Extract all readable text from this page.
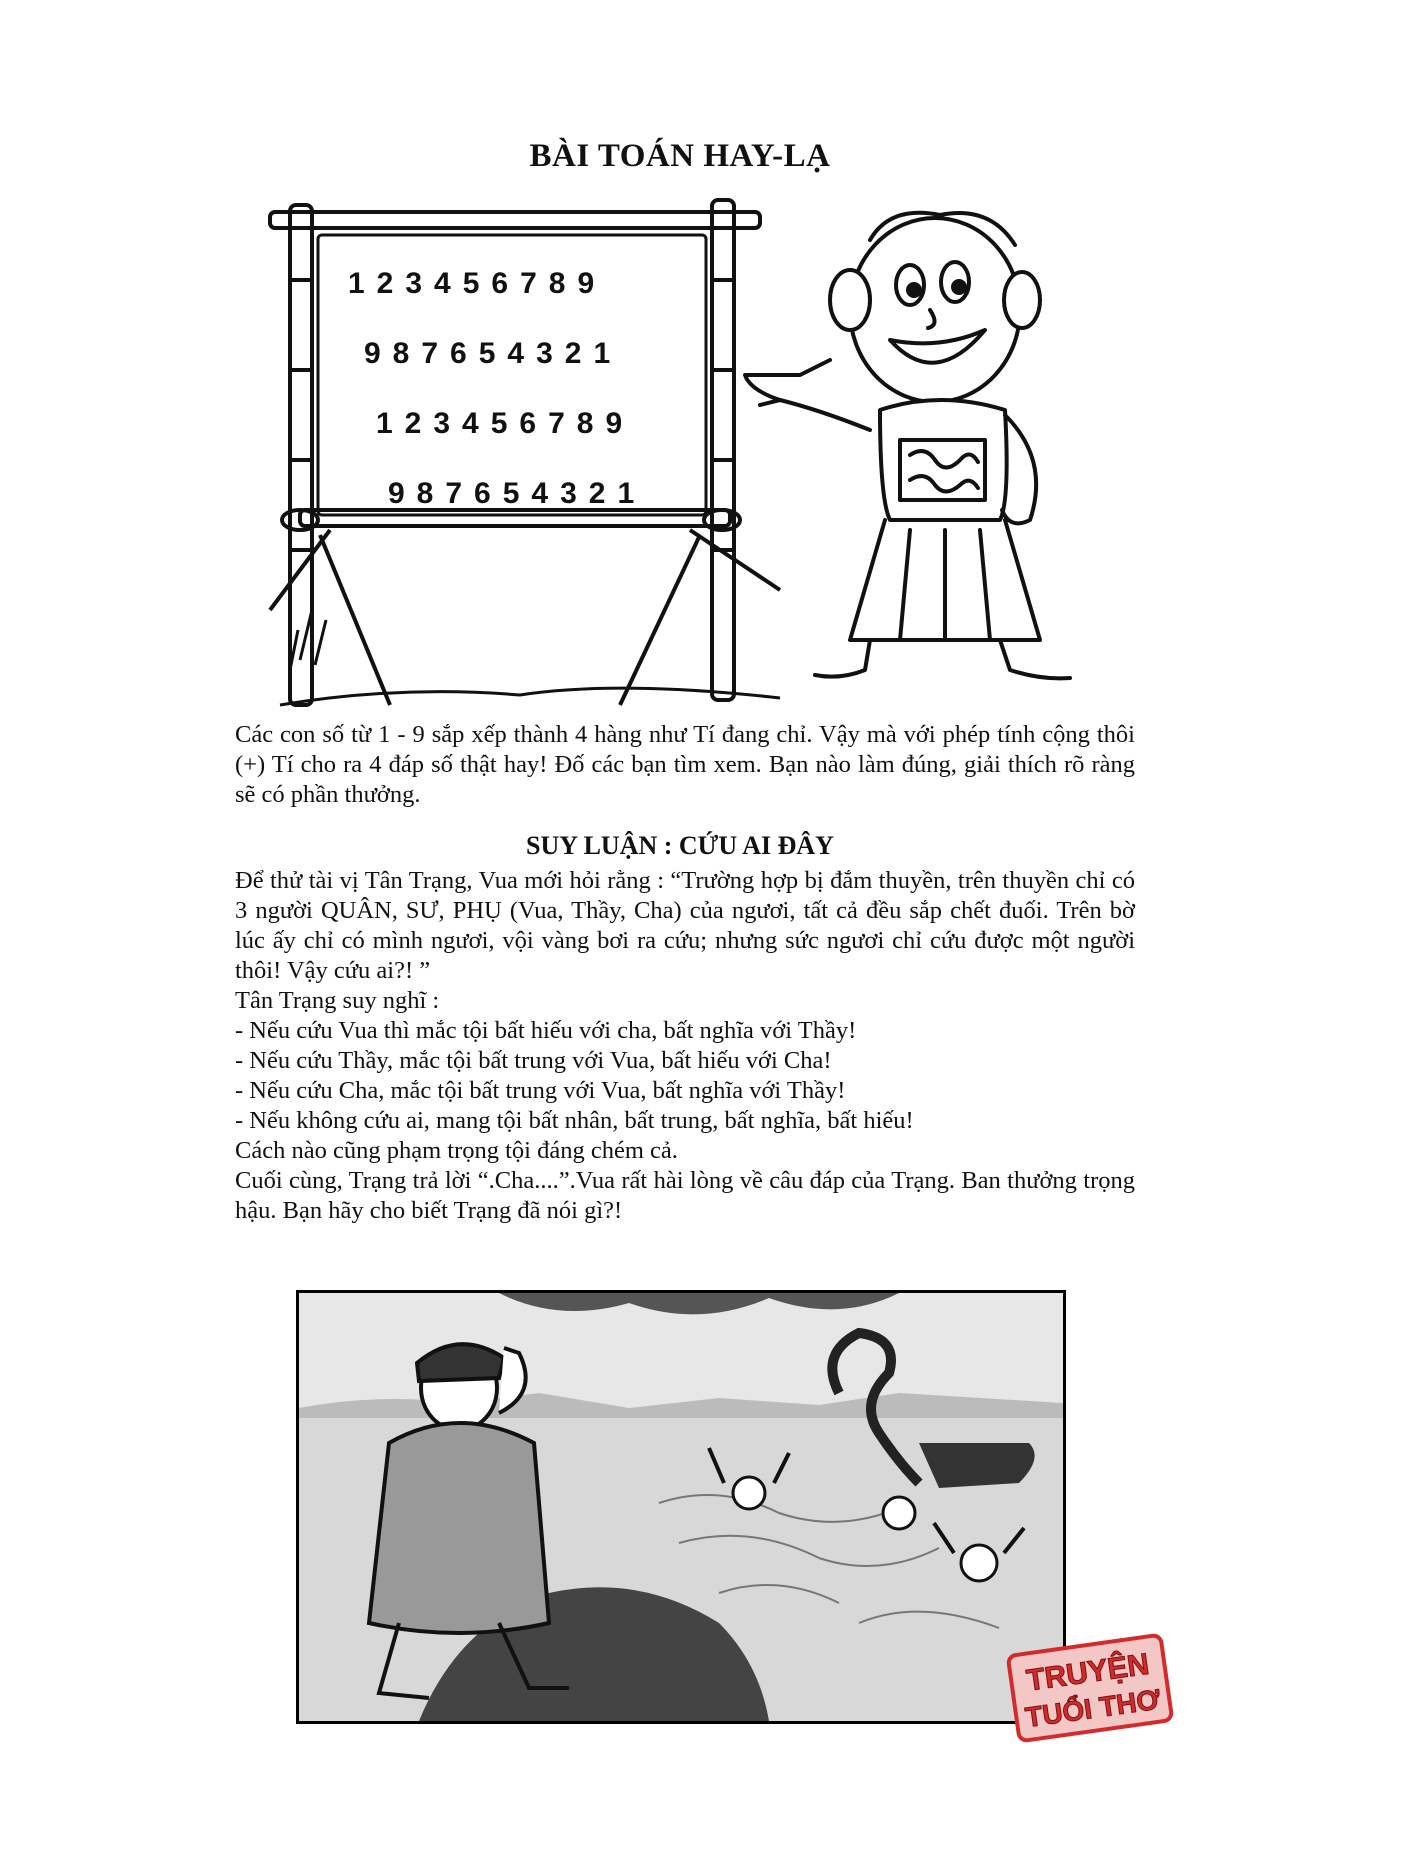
BÀI TOÁN HAY-LẠ
123456789
987654321
123456789
987654321
Các con số từ 1 - 9 sắp xếp thành 4 hàng như Tí đang chỉ. Vậy mà với phép tính cộng thôi (+) Tí cho ra 4 đáp số thật hay! Đố các bạn tìm xem. Bạn nào làm đúng, giải thích rõ ràng sẽ có phần thưởng.
SUY LUẬN : CỨU AI ĐÂY

Để thử tài vị Tân Trạng, Vua mới hỏi rằng : “Trường hợp bị đắm thuyền, trên thuyền chỉ có 3 người QUÂN, SƯ, PHỤ (Vua, Thầy, Cha) của ngươi, tất cả đều sắp chết đuối. Trên bờ lúc ấy chỉ có mình ngươi, vội vàng bơi ra cứu; nhưng sức ngươi chỉ cứu được một người thôi! Vậy cứu ai?! ”

Tân Trạng suy nghĩ :

- Nếu cứu Vua thì mắc tội bất hiếu với cha, bất nghĩa với Thầy!
- Nếu cứu Thầy, mắc tội bất trung với Vua, bất hiếu với Cha!
- Nếu cứu Cha, mắc tội bất trung với Vua, bất nghĩa với Thầy!
- Nếu không cứu ai, mang tội bất nhân, bất trung, bất nghĩa, bất hiếu!

Cách nào cũng phạm trọng tội đáng chém cả.

Cuối cùng, Trạng trả lời “.Cha....”.Vua rất hài lòng về câu đáp của Trạng. Ban thưởng trọng hậu. Bạn hãy cho biết Trạng đã nói gì?!

TRUYỆN
TUỔI THƠ
